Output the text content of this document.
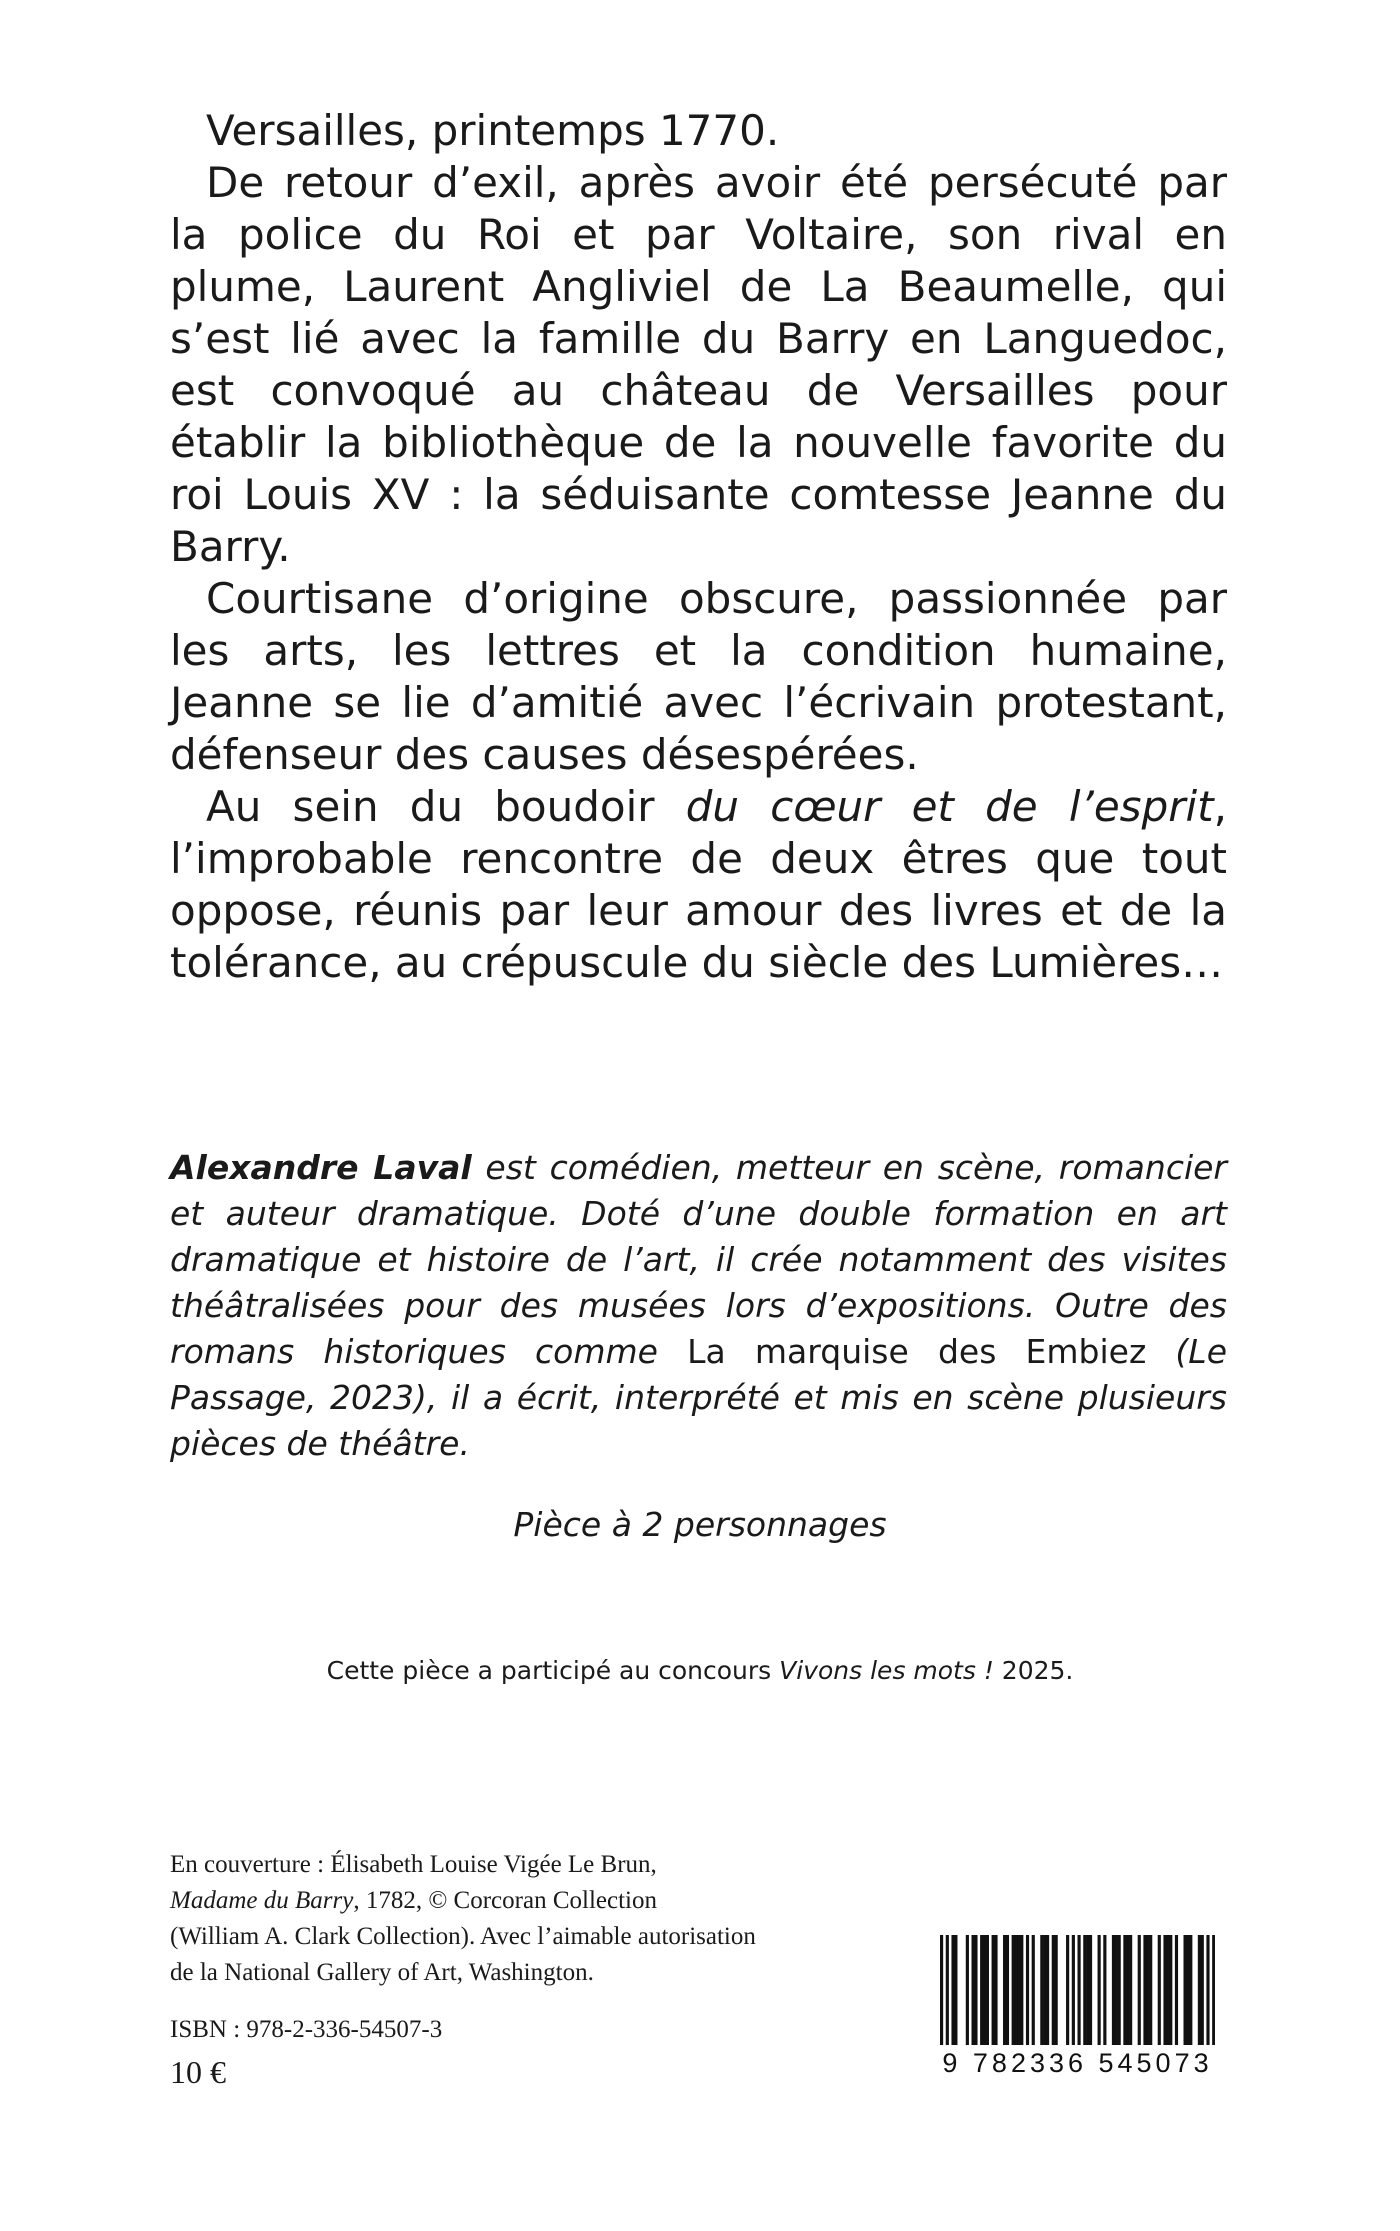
Versailles, printemps 1770.

De retour d’exil, après avoir été persécuté par la police du Roi et par Voltaire, son rival en plume, Laurent Angliviel de La Beaumelle, qui s’est lié avec la famille du Barry en Languedoc, est convoqué au château de Versailles pour établir la bibliothèque de la nouvelle favorite du roi Louis XV : la séduisante comtesse Jeanne du Barry.

Courtisane d’origine obscure, passionnée par les arts, les lettres et la condition humaine, Jeanne se lie d’amitié avec l’écrivain protestant, défenseur des causes désespérées.

Au sein du boudoir du cœur et de l’esprit, l’improbable rencontre de deux êtres que tout oppose, réunis par leur amour des livres et de la tolérance, au crépuscule du siècle des Lumières…

Alexandre Laval est comédien, metteur en scène, romancier et auteur dramatique. Doté d’une double formation en art dramatique et histoire de l’art, il crée notamment des visites théâtralisées pour des musées lors d’expositions. Outre des romans historiques comme La marquise des Embiez (Le Passage, 2023), il a écrit, interprété et mis en scène plusieurs pièces de théâtre.

Pièce à 2 personnages
Cette pièce a participé au concours Vivons les mots ! 2025.

En couverture : Élisabeth Louise Vigée Le Brun,
Madame du Barry, 1782, © Corcoran Collection
(William A. Clark Collection). Avec l’aimable autorisation
de la National Gallery of Art, Washington.

ISBN : 978-2-336-54507-3
10 €	9 782336 545073
